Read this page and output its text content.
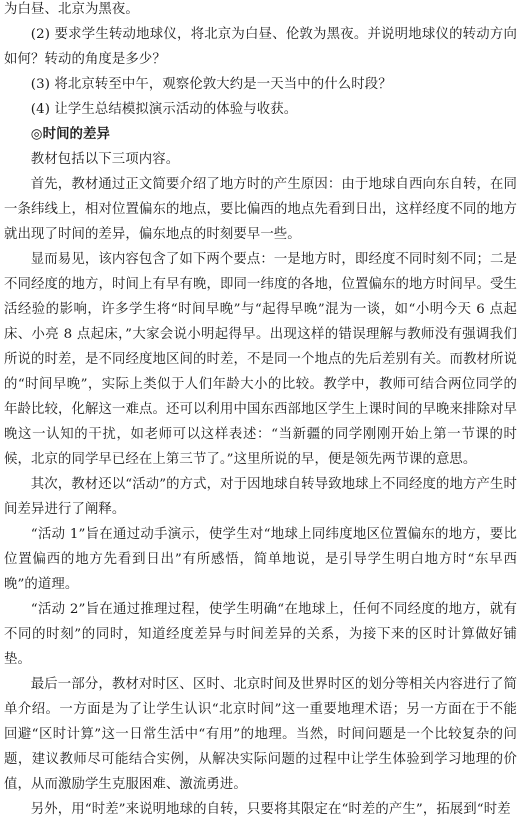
为白昼、北京为黑夜。

(2) 要求学生转动地球仪，将北京为白昼、伦敦为黑夜。并说明地球仪的转动方向如何？转动的角度是多少？

(3) 将北京转至中午，观察伦敦大约是一天当中的什么时段？

(4) 让学生总结模拟演示活动的体验与收获。

◎时间的差异

教材包括以下三项内容。

首先，教材通过正文简要介绍了地方时的产生原因：由于地球自西向东自转，在同一条纬线上，相对位置偏东的地点，要比偏西的地点先看到日出，这样经度不同的地方就出现了时间的差异，偏东地点的时刻要早一些。

显而易见，该内容包含了如下两个要点：一是地方时，即经度不同时刻不同；二是不同经度的地方，时间上有早有晚，即同一纬度的各地，位置偏东的地方时间早。受生活经验的影响，许多学生将“时间早晚”与“起得早晚”混为一谈，如“小明今天 6 点起床、小亮 8 点起床，”大家会说小明起得早。出现这样的错误理解与教师没有强调我们所说的时差，是不同经度地区间的时差，不是同一个地点的先后差别有关。而教材所说的“时间早晚”，实际上类似于人们年龄大小的比较。教学中，教师可结合两位同学的年龄比较，化解这一难点。还可以利用中国东西部地区学生上课时间的早晚来排除对早晚这一认知的干扰，如老师可以这样表述：“当新疆的同学刚刚开始上第一节课的时候，北京的同学早已经在上第三节了。”这里所说的早，便是领先两节课的意思。

其次，教材还以“活动”的方式，对于因地球自转导致地球上不同经度的地方产生时间差异进行了阐释。

“活动 1”旨在通过动手演示，使学生对“地球上同纬度地区位置偏东的地方，要比位置偏西的地方先看到日出”有所感悟，简单地说，是引导学生明白地方时“东早西晚”的道理。

“活动 2”旨在通过推理过程，使学生明确“在地球上，任何不同经度的地方，就有不同的时刻”的同时，知道经度差异与时间差异的关系，为接下来的区时计算做好铺垫。

最后一部分，教材对时区、区时、北京时间及世界时区的划分等相关内容进行了简单介绍。一方面是为了让学生认识“北京时间”这一重要地理术语；另一方面在于不能回避“区时计算”这一日常生活中“有用”的地理。当然，时间问题是一个比较复杂的问题，建议教师尽可能结合实例，从解决实际问题的过程中让学生体验到学习地理的价值，从而激励学生克服困难、激流勇进。

另外，用“时差”来说明地球的自转，只要将其限定在“时差的产生”，拓展到“时差
